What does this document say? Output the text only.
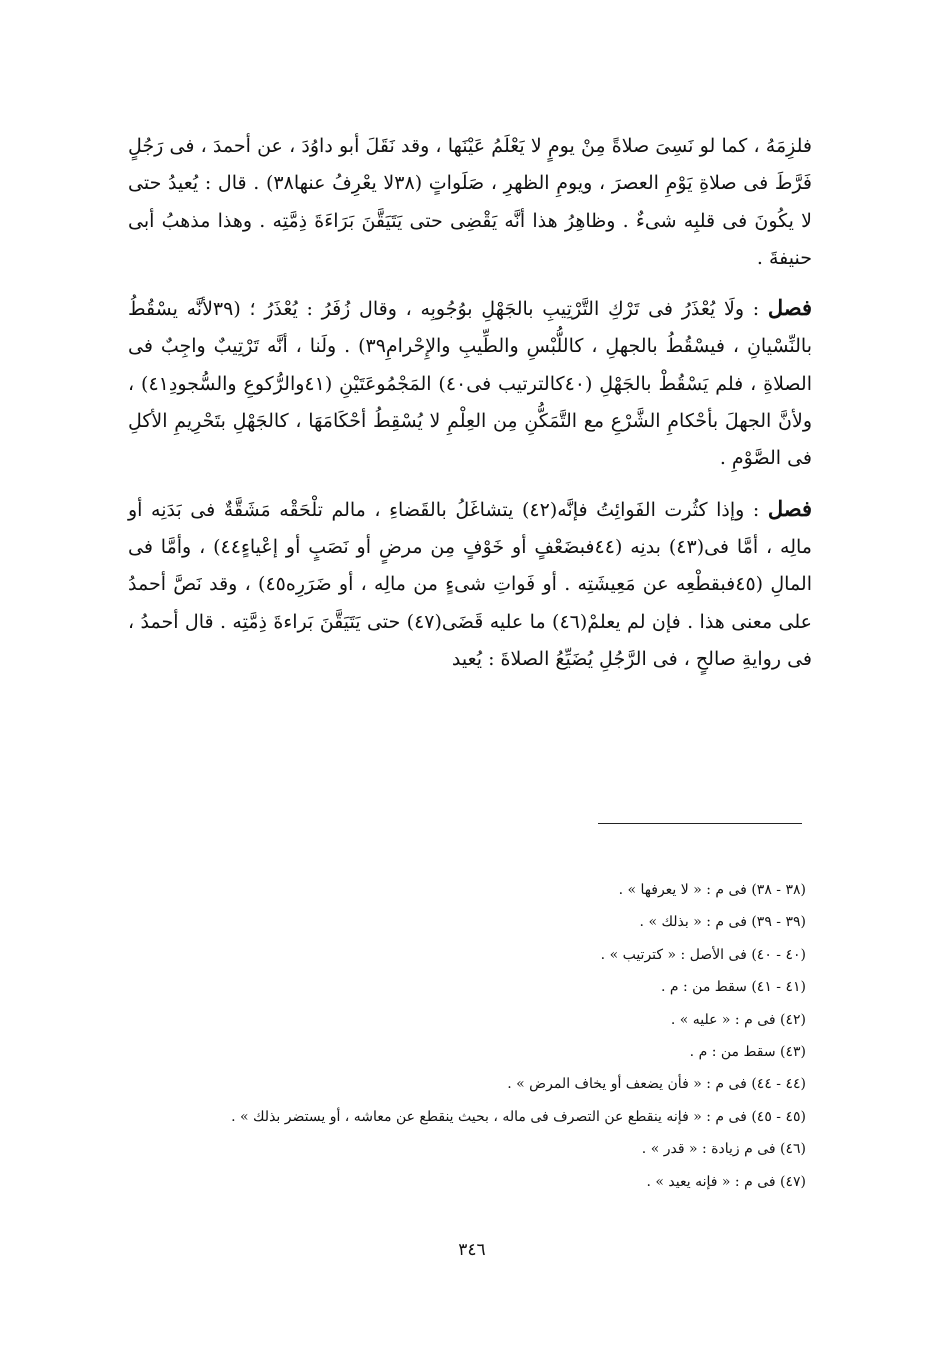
فلزِمَهُ ، كما لو نَسِىَ صلاةً مِنْ يومٍ لا يَعْلَمُ عَيْنَها ، وقد نَقَلَ أبو داوُدَ ، عن أحمدَ ، فى رَجُلٍ فَرَّطَ فى صلاةِ يَوْمِ العصرَ ، ويومِ الظهرِ ، صَلَواتٍ (٣٨لا يعْرِفُ عنها٣٨) . قال : يُعيدُ حتى لا يكُونَ فى قلبِه شىءٌ . وظاهِرُ هذا أنَّه يَقْضِى حتى يَتَيَقَّنَ بَرَاءَةَ ذِمَّتِه . وهذا مذهبُ أبى حنيفةَ .

فصل : ولَا يُعْذَرُ فى تَرْكِ التَّرْتِيبِ بالجَهْلِ بوُجُوبِه ، وقال زُفَرُ : يُعْذَرُ ؛ (٣٩لأنَّه يسْقُطُ بالنِّسْيانِ ، فيسْقُطُ بالجهلِ ، كاللُّبْسِ والطِّيبِ والإِحْرامِ٣٩) . ولَنا ، أنَّه تَرْتِيبٌ واجِبٌ فى الصلاةِ ، فلم يَسْقُطْ بالجَهْلِ (٤٠كالترتيب فى٤٠) المَجْمُوعَتَيْنِ (٤١والرُّكوعِ والسُّجودِ٤١) ، ولأنَّ الجهلَ بأحْكامِ الشَّرْعِ مع التَّمَكُّنِ مِن العِلْمِ لا يُسْقِطُ أحْكَامَهَا ، كالجَهْلِ بتَحْرِيمِ الأكلِ فى الصَّوْمِ .

فصل : وإذا كثُرت الفَوائِتُ فإنَّه(٤٢) يتشاغَلُ بالقَضاءِ ، مالم تلْحَقْه مَشَقَّةٌ فى بَدَنِه أو مالِه ، أمَّا فى(٤٣) بدنِه (٤٤فبضَعْفٍ أو خَوْفٍ مِن مرضٍ أو نَصَبٍ أو إعْياءٍ٤٤) ، وأمَّا فى المالِ (٤٥فبقطْعِه عن مَعِيشَتِه . أو فَواتِ شىءٍ من مالِه ، أو ضَرَرِه٤٥) ، وقد نَصَّ أحمدُ على معنى هذا . فإن لم يعلمْ(٤٦) ما عليه قَضَى(٤٧) حتى يَتَيَقَّنَ بَراءةَ ذِمَّتِه . قال أحمدُ ، فى روايةِ صالحٍ ، فى الرَّجُلِ يُضَيِّعُ الصلاةَ : يُعيد

(٣٨ - ٣٨) فى م : « لا يعرفها » .
(٣٩ - ٣٩) فى م : « بذلك » .
(٤٠ - ٤٠) فى الأصل : « كترتيب » .
(٤١ - ٤١) سقط من : م .
(٤٢) فى م : « عليه » .
(٤٣) سقط من : م .
(٤٤ - ٤٤) فى م : « فأن يضعف أو يخاف المرض » .
(٤٥ - ٤٥) فى م : « فإنه ينقطع عن التصرف فى ماله ، بحيث ينقطع عن معاشه ، أو يستضر بذلك » .
(٤٦) فى م زيادة : « قدر » .
(٤٧) فى م : « فإنه يعيد » .
٣٤٦
